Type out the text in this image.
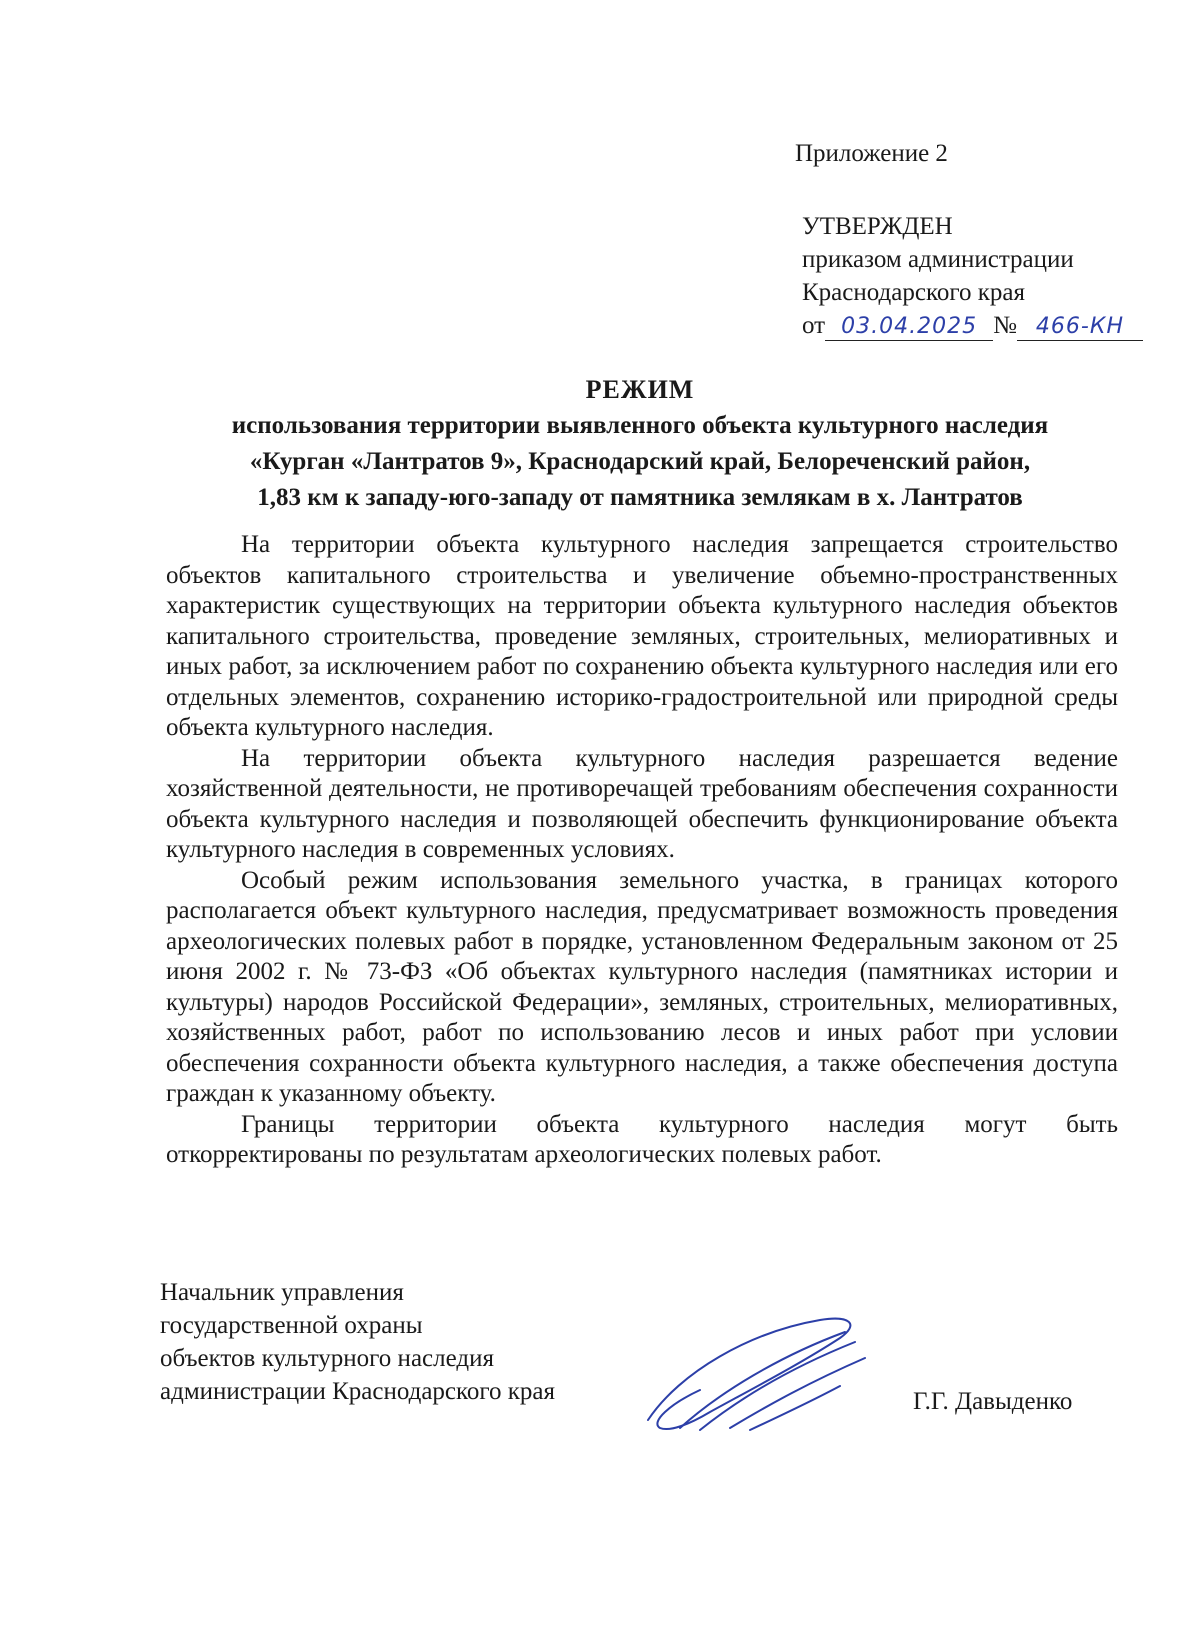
Приложение 2
УТВЕРЖДЕН
приказом администрации
Краснодарского края
от 03.04.2025 № 466-КН
РЕЖИМ
использования территории выявленного объекта культурного наследия
«Курган «Лантратов 9», Краснодарский край, Белореченский район,
1,83 км к западу-юго-западу от памятника землякам в х. Лантратов

На территории объекта культурного наследия запрещается строительство объектов капитального строительства и увеличение объемно-пространственных характеристик существующих на территории объекта культурного наследия объектов капитального строительства, проведение земляных, строительных, мелиоративных и иных работ, за исключением работ по сохранению объекта культурного наследия или его отдельных элементов, сохранению историко-градостроительной или природной среды объекта культурного наследия.

На территории объекта культурного наследия разрешается ведение хозяйственной деятельности, не противоречащей требованиям обеспечения сохранности объекта культурного наследия и позволяющей обеспечить функционирование объекта культурного наследия в современных условиях.

Особый режим использования земельного участка, в границах которого располагается объект культурного наследия, предусматривает возможность проведения археологических полевых работ в порядке, установленном Федеральным законом от 25 июня 2002 г. № 73-ФЗ «Об объектах культурного наследия (памятниках истории и культуры) народов Российской Федерации», земляных, строительных, мелиоративных, хозяйственных работ, работ по использованию лесов и иных работ при условии обеспечения сохранности объекта культурного наследия, а также обеспечения доступа граждан к указанному объекту.

Границы территории объекта культурного наследия могут быть откорректированы по результатам археологических полевых работ.

Начальник управления
государственной охраны
объектов культурного наследия
администрации Краснодарского края	Г.Г. Давыденко
